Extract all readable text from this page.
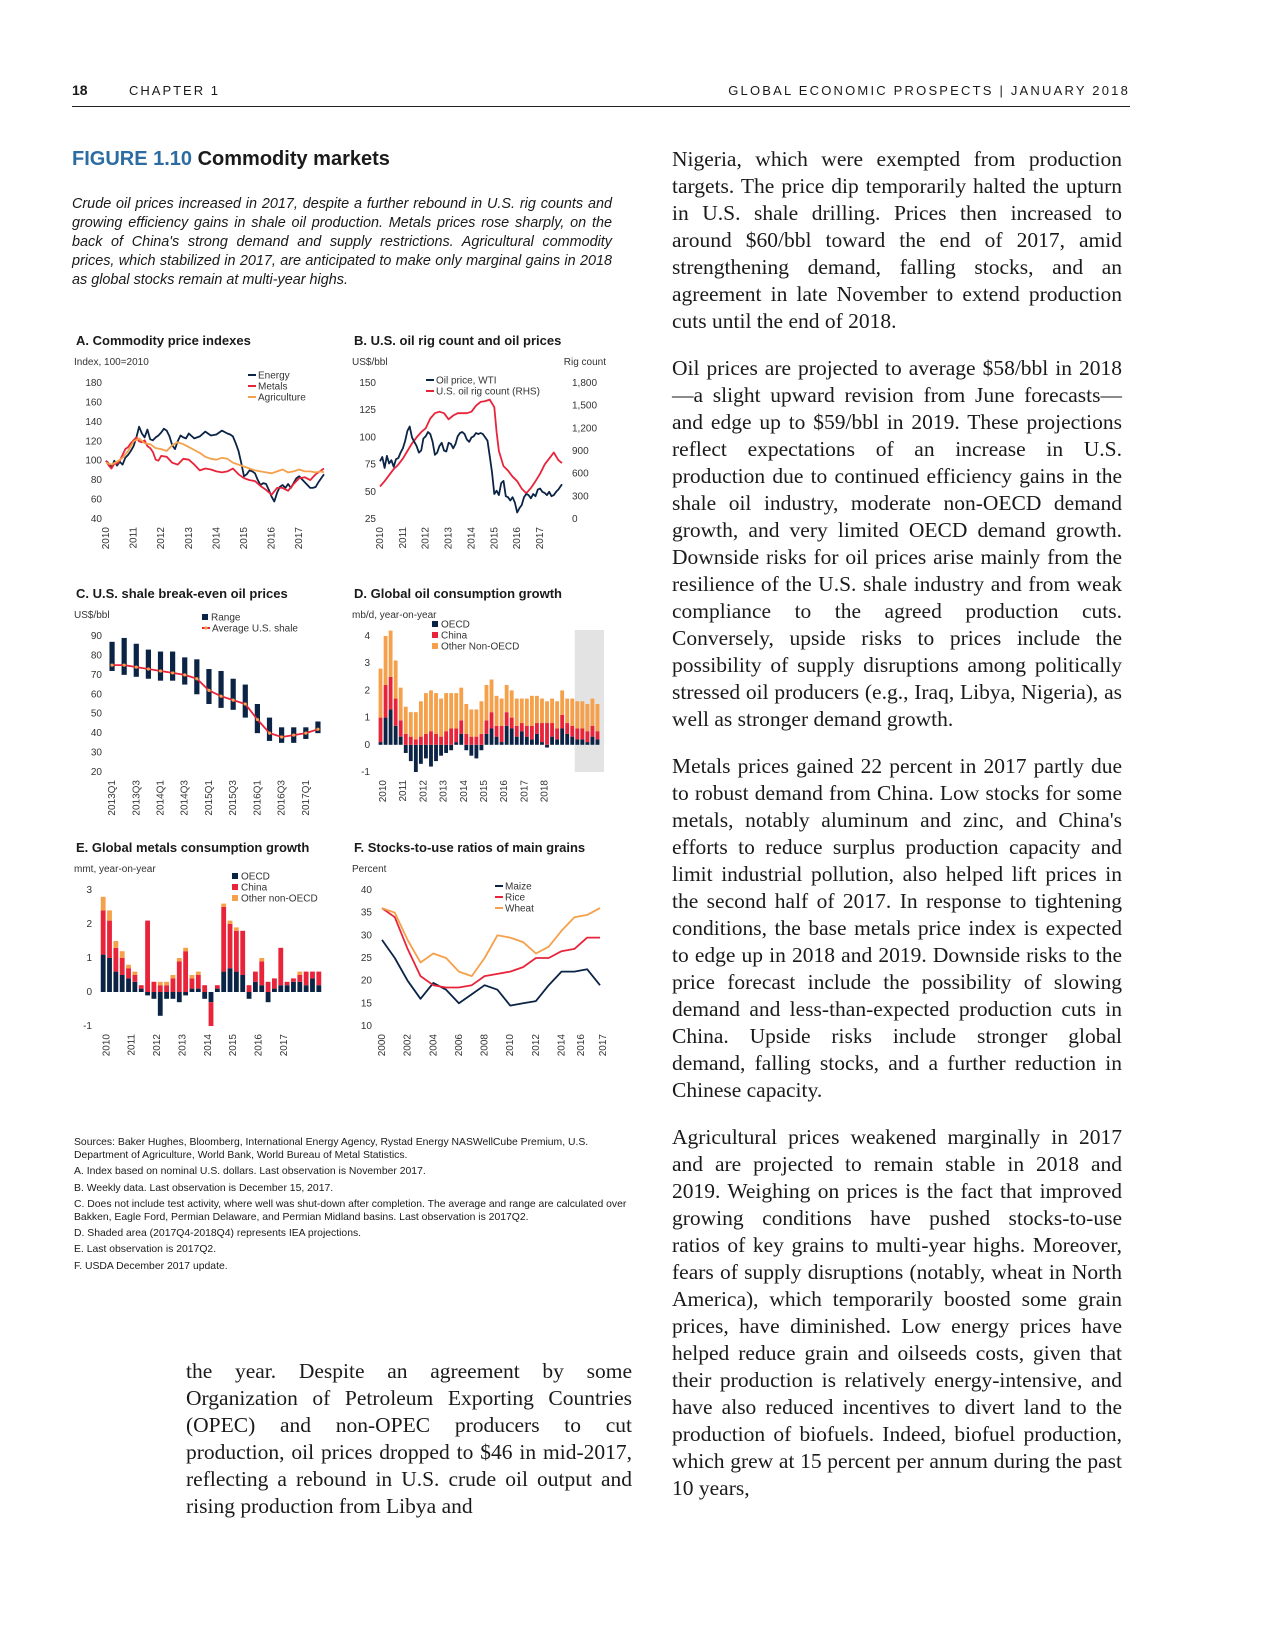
18	CHAPTER 1	GLOBAL ECONOMIC PROSPECTS | JANUARY 2018
FIGURE 1.10 Commodity markets
Crude oil prices increased in 2017, despite a further rebound in U.S. rig counts and growing efficiency gains in shale oil production. Metals prices rose sharply, on the back of China's strong demand and supply restrictions. Agricultural commodity prices, which stabilized in 2017, are anticipated to make only marginal gains in 2018 as global stocks remain at multi-year highs.
A. Commodity price indexes
Index, 100=2010
40
60
80
100
120
140
160
180
2010 2011 2012 2013 2014 2015 2016 2017
Energy
Metals
Agriculture
B. U.S. oil rig count and oil prices
US$/bbl	Rig count
25
50
75
100
125
150
0
300
600
900
1,200
1,500
1,800
2010 2011 2012 2013 2014 2015 2016 2017
Oil price, WTI
U.S. oil rig count (RHS)
C. U.S. shale break-even oil prices
US$/bbl
20
30
40
50
60
70
80
90
2013Q1 2013Q3 2014Q1 2014Q3 2015Q1 2015Q3 2016Q1 2016Q3 2017Q1
Range
Average U.S. shale
D. Global oil consumption growth
mb/d, year-on-year
-1
0
1
2
3
4
2010 2011 2012 2013 2014 2015 2016 2017 2018
OECD
China
Other Non-OECD
E. Global metals consumption growth
mmt, year-on-year
-1
0
1
2
3
2010 2011 2012 2013 2014 2015 2016 2017
OECD
China
Other non-OECD
F. Stocks-to-use ratios of main grains
Percent
10
15
20
25
30
35
40
2000 2002 2004 2006 2008 2010 2012 2014 2016 2017
Maize
Rice
Wheat

Sources: Baker Hughes, Bloomberg, International Energy Agency, Rystad Energy NASWellCube Premium, U.S. Department of Agriculture, World Bank, World Bureau of Metal Statistics.

A. Index based on nominal U.S. dollars. Last observation is November 2017.

B. Weekly data. Last observation is December 15, 2017.

C. Does not include test activity, where well was shut-down after completion. The average and range are calculated over Bakken, Eagle Ford, Permian Delaware, and Permian Midland basins. Last observation is 2017Q2.

D. Shaded area (2017Q4-2018Q4) represents IEA projections.

E. Last observation is 2017Q2.

F. USDA December 2017 update.

the year. Despite an agreement by some Organization of Petroleum Exporting Countries (OPEC) and non-OPEC producers to cut production, oil prices dropped to $46 in mid-2017, reflecting a rebound in U.S. crude oil output and rising production from Libya and

Nigeria, which were exempted from production targets. The price dip temporarily halted the upturn in U.S. shale drilling. Prices then increased to around $60/bbl toward the end of 2017, amid strengthening demand, falling stocks, and an agreement in late November to extend production cuts until the end of 2018.

Oil prices are projected to average $58/bbl in 2018—a slight upward revision from June forecasts—and edge up to $59/bbl in 2019. These projections reflect expectations of an increase in U.S. production due to continued efficiency gains in the shale oil industry, moderate non-OECD demand growth, and very limited OECD demand growth. Downside risks for oil prices arise mainly from the resilience of the U.S. shale industry and from weak compliance to the agreed production cuts. Conversely, upside risks to prices include the possibility of supply disruptions among politically stressed oil producers (e.g., Iraq, Libya, Nigeria), as well as stronger demand growth.

Metals prices gained 22 percent in 2017 partly due to robust demand from China. Low stocks for some metals, notably aluminum and zinc, and China's efforts to reduce surplus production capacity and limit industrial pollution, also helped lift prices in the second half of 2017. In response to tightening conditions, the base metals price index is expected to edge up in 2018 and 2019. Downside risks to the price forecast include the possibility of slowing demand and less-than-expected production cuts in China. Upside risks include stronger global demand, falling stocks, and a further reduction in Chinese capacity.

Agricultural prices weakened marginally in 2017 and are projected to remain stable in 2018 and 2019. Weighing on prices is the fact that improved growing conditions have pushed stocks-to-use ratios of key grains to multi-year highs. Moreover, fears of supply disruptions (notably, wheat in North America), which temporarily boosted some grain prices, have diminished. Low energy prices have helped reduce grain and oilseeds costs, given that their production is relatively energy-intensive, and have also reduced incentives to divert land to the production of biofuels. Indeed, biofuel production, which grew at 15 percent per annum during the past 10 years,
